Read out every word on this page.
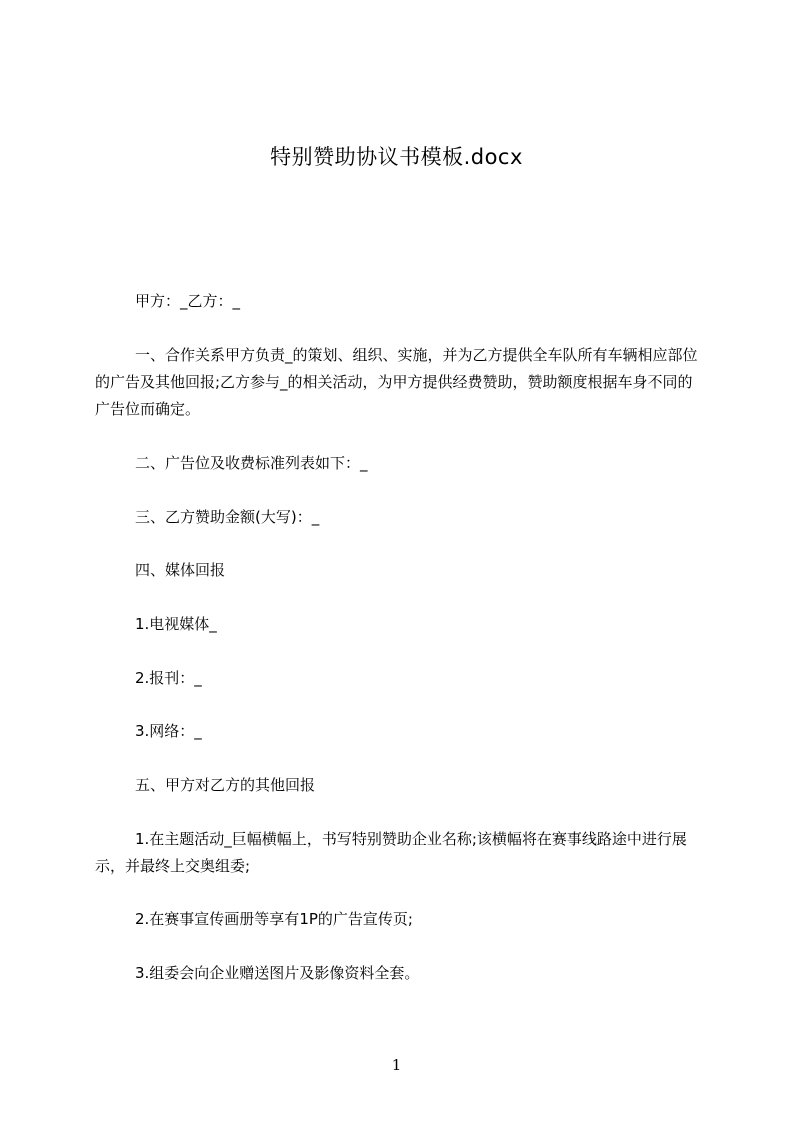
特别赞助协议书模板.docx
甲方：_乙方：_
一、合作关系甲方负责_的策划、组织、实施，并为乙方提供全车队所有车辆相应部位的广告及其他回报;乙方参与_的相关活动，为甲方提供经费赞助，赞助额度根据车身不同的广告位而确定。
二、广告位及收费标准列表如下：_
三、乙方赞助金额(大写)：_
四、媒体回报
1.电视媒体_
2.报刊：_
3.网络：_
五、甲方对乙方的其他回报
1.在主题活动_巨幅横幅上，书写特别赞助企业名称;该横幅将在赛事线路途中进行展示，并最终上交奥组委;
2.在赛事宣传画册等享有1P的广告宣传页;
3.组委会向企业赠送图片及影像资料全套。
1
